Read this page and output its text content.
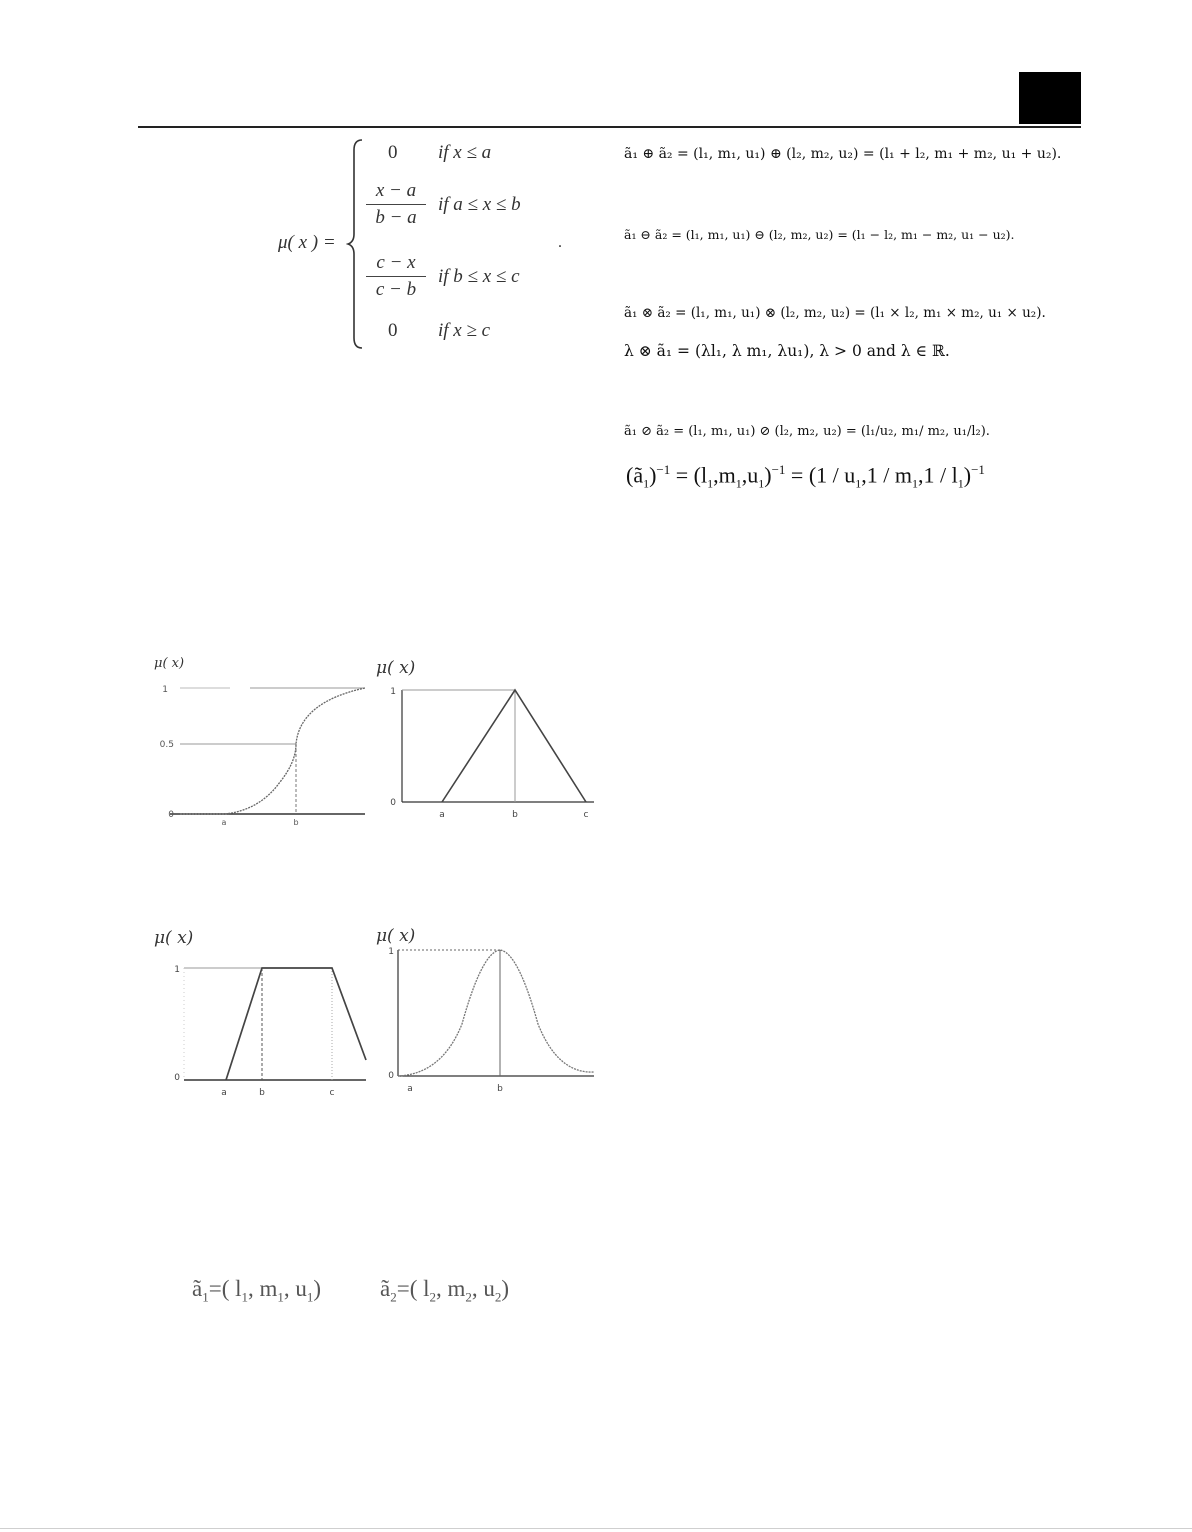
μ( x ) =
0 if x ≤ a
$\frac{x - a}{b - a}$ if a ≤ x ≤ b
$\frac{c - x}{c - b}$ if b ≤ x ≤ c
0 if x ≥ c
.
ã₁ ⊕ ã₂ = (l₁, m₁, u₁) ⊕ (l₂, m₂, u₂) = (l₁ + l₂, m₁ + m₂, u₁ + u₂).
ã₁ ⊖ ã₂ = (l₁, m₁, u₁) ⊖ (l₂, m₂, u₂) = (l₁ − l₂, m₁ − m₂, u₁ − u₂).
ã₁ ⊗ ã₂ = (l₁, m₁, u₁) ⊗ (l₂, m₂, u₂) = (l₁ × l₂, m₁ × m₂, u₁ × u₂).
λ ⊗ ã₁ = (λl₁, λ m₁, λu₁), λ > 0 and λ ∈ ℝ.
ã₁ ⊘ ã₂ = (l₁, m₁, u₁) ⊘ (l₂, m₂, u₂) = (l₁/u₂, m₁/ m₂, u₁/l₂).
$(ã_1)^{-1} = (l_1,m_1,u_1)^{-1} = (1 / u_1,1 / m_1,1 / l_1)^{-1}$
μ( x)
1
0.5
0
a	b
μ( x)
1
0
a	b	c
μ( x)
1
0
a	b	c
μ( x)
1
0
a	b
$ã_1=$( $l_1$, $m_1$, $u_1$)	$ã_2=$( $l_2$, $m_2$, $u_2$)
